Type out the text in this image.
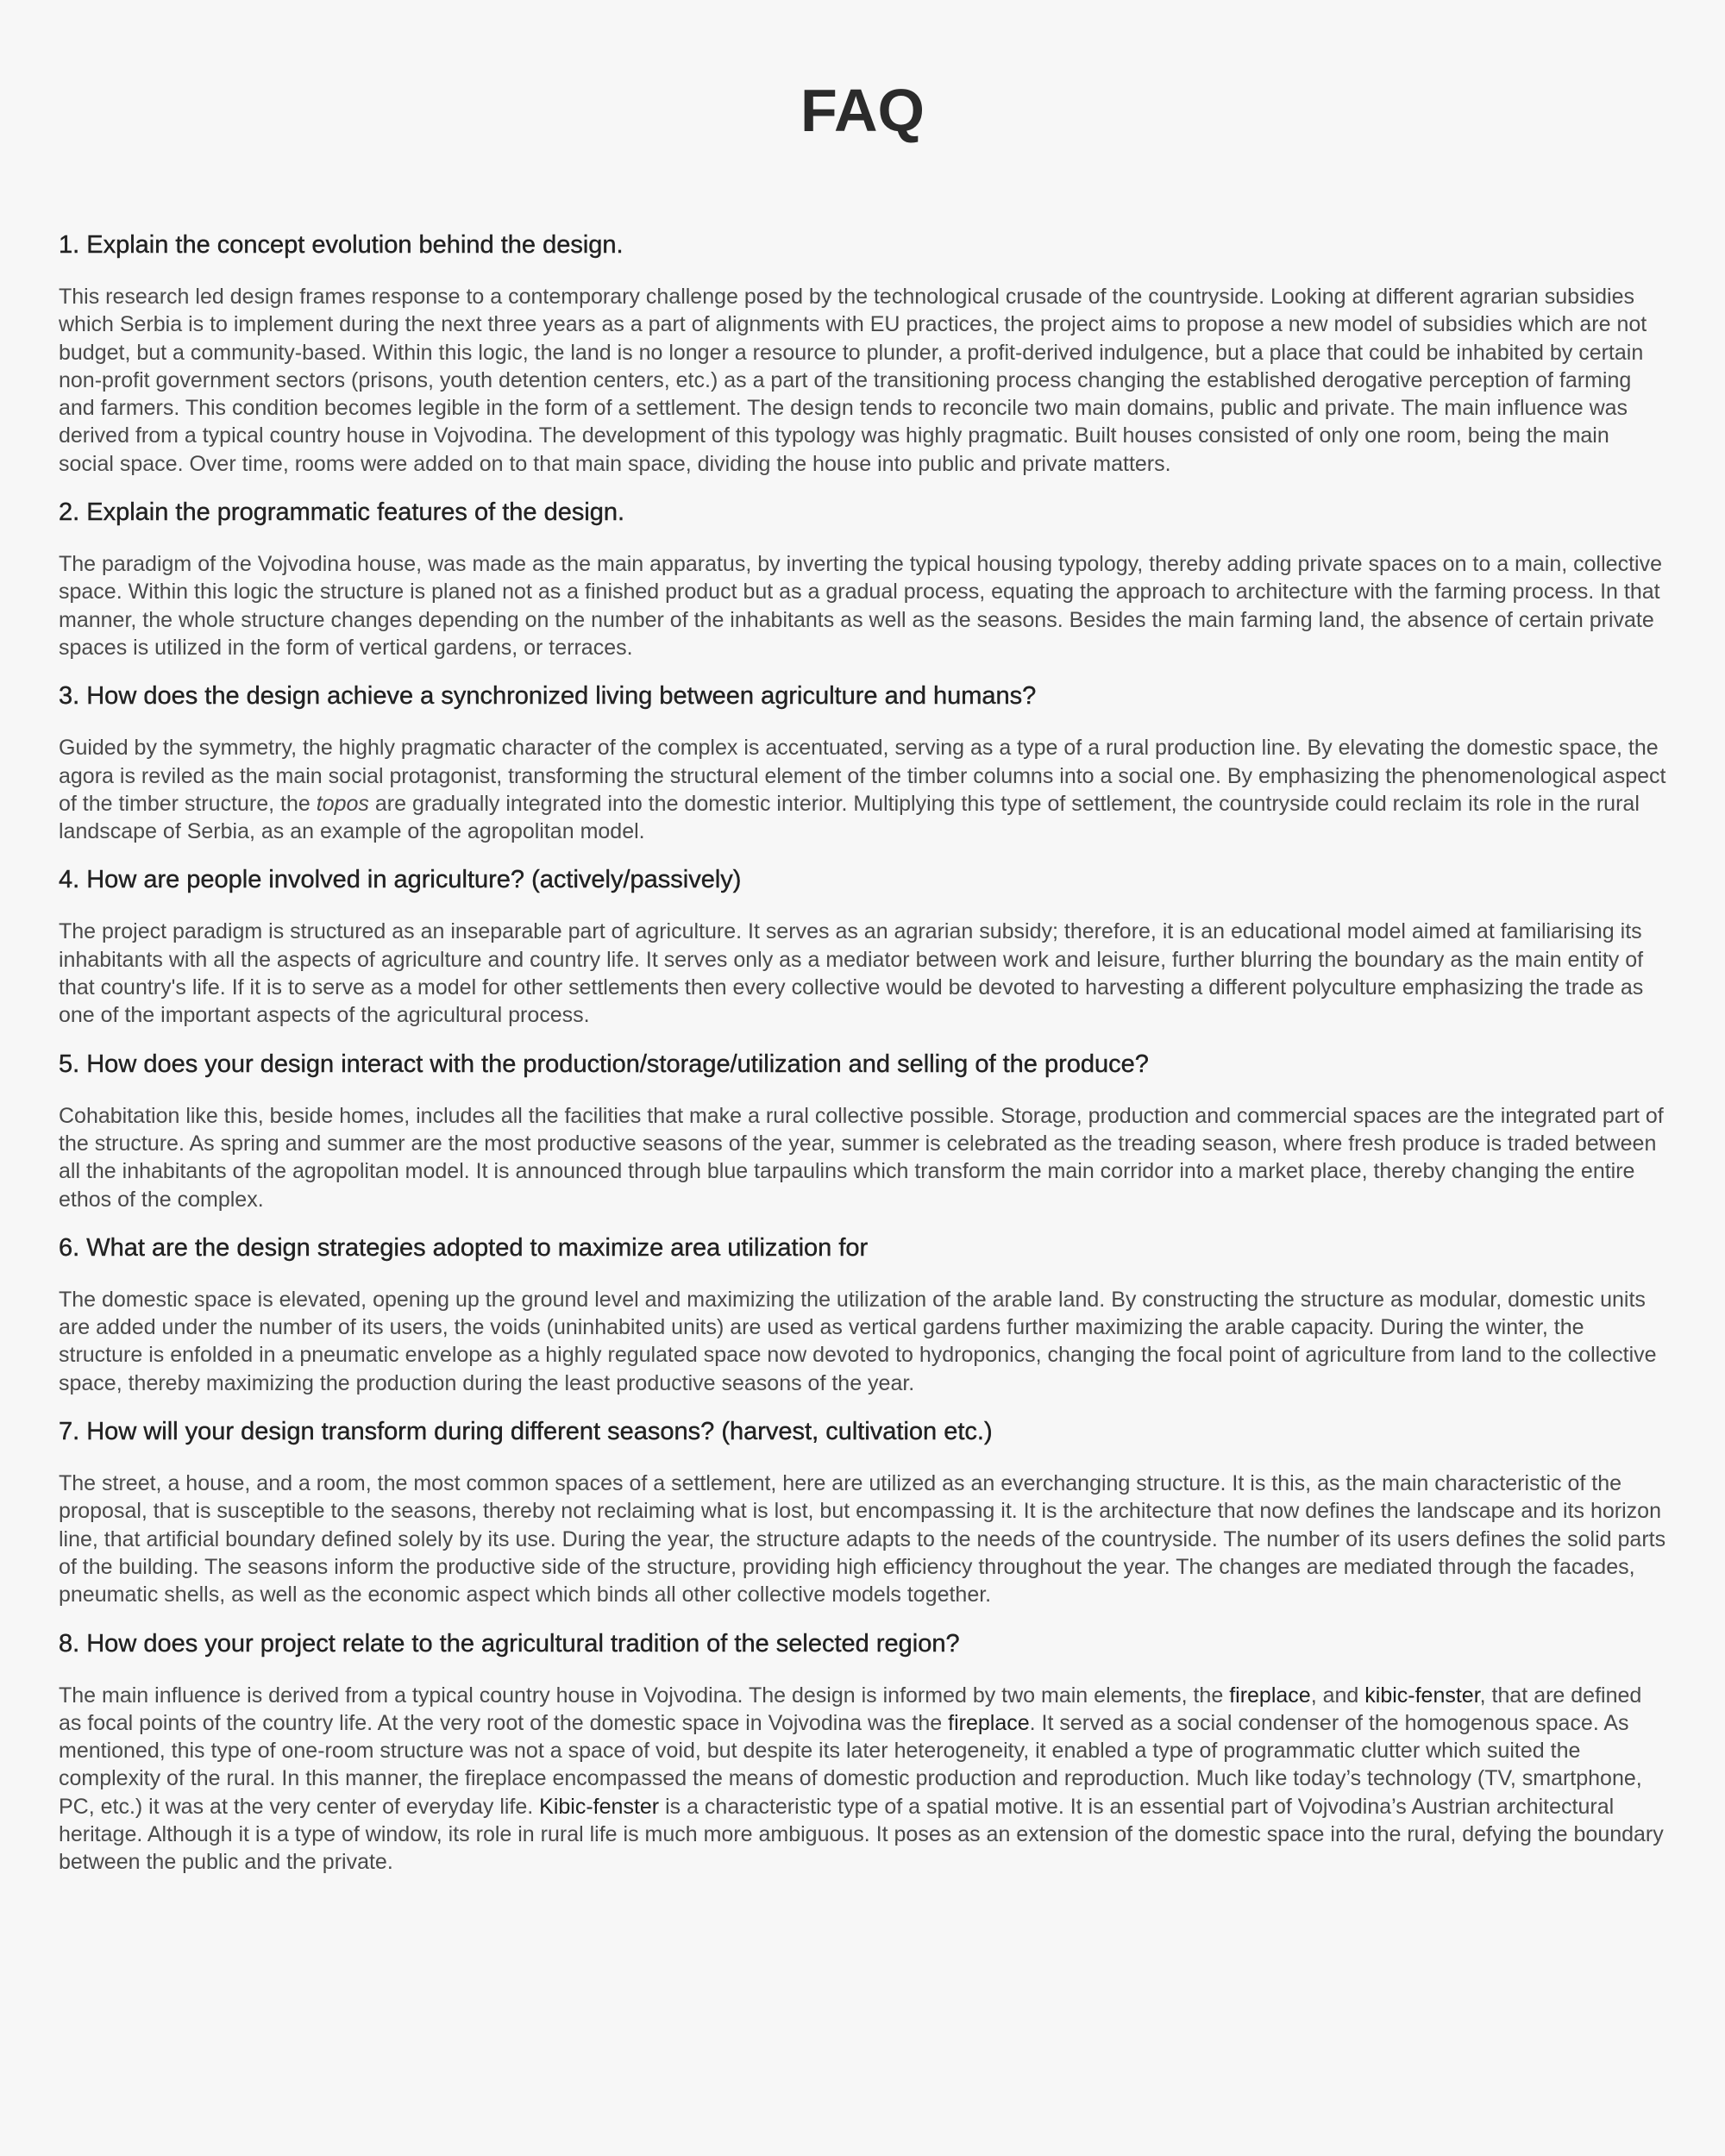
FAQ
1. Explain the concept evolution behind the design.

This research led design frames response to a contemporary challenge posed by the technological crusade of the countryside. Looking at different agrarian subsidies which Serbia is to implement during the next three years as a part of alignments with EU practices, the project aims to propose a new model of subsidies which are not budget, but a community-based. Within this logic, the land is no longer a resource to plunder, a profit-derived indulgence, but a place that could be inhabited by certain non-profit government sectors (prisons, youth detention centers, etc.) as a part of the transitioning process changing the established derogative perception of farming and farmers. This condition becomes legible in the form of a settlement. The design tends to reconcile two main domains, public and private. The main influence was derived from a typical country house in Vojvodina. The development of this typology was highly pragmatic. Built houses consisted of only one room, being the main social space. Over time, rooms were added on to that main space, dividing the house into public and private matters.

2. Explain the programmatic features of the design.

The paradigm of the Vojvodina house, was made as the main apparatus, by inverting the typical housing typology, thereby adding private spaces on to a main, collective space. Within this logic the structure is planed not as a finished product but as a gradual process, equating the approach to architecture with the farming process. In that manner, the whole structure changes depending on the number of the inhabitants as well as the seasons. Besides the main farming land, the absence of certain private spaces is utilized in the form of vertical gardens, or terraces.

3. How does the design achieve a synchronized living between agriculture and humans?

Guided by the symmetry, the highly pragmatic character of the complex is accentuated, serving as a type of a rural production line. By elevating the domestic space, the agora is reviled as the main social protagonist, transforming the structural element of the timber columns into a social one. By emphasizing the phenomenological aspect of the timber structure, the topos are gradually integrated into the domestic interior. Multiplying this type of settlement, the countryside could reclaim its role in the rural landscape of Serbia, as an example of the agropolitan model.

4. How are people involved in agriculture? (actively/passively)

The project paradigm is structured as an inseparable part of agriculture. It serves as an agrarian subsidy; therefore, it is an educational model aimed at familiarising its inhabitants with all the aspects of agriculture and country life. It serves only as a mediator between work and leisure, further blurring the boundary as the main entity of that country's life. If it is to serve as a model for other settlements then every collective would be devoted to harvesting a different polyculture emphasizing the trade as one of the important aspects of the agricultural process.

5. How does your design interact with the production/storage/utilization and selling of the produce?

Cohabitation like this, beside homes, includes all the facilities that make a rural collective possible. Storage, production and commercial spaces are the integrated part of the structure. As spring and summer are the most productive seasons of the year, summer is celebrated as the treading season, where fresh produce is traded between all the inhabitants of the agropolitan model. It is announced through blue tarpaulins which transform the main corridor into a market place, thereby changing the entire ethos of the complex.

6. What are the design strategies adopted to maximize area utilization for

The domestic space is elevated, opening up the ground level and maximizing the utilization of the arable land. By constructing the structure as modular, domestic units are added under the number of its users, the voids (uninhabited units) are used as vertical gardens further maximizing the arable capacity. During the winter, the structure is enfolded in a pneumatic envelope as a highly regulated space now devoted to hydroponics, changing the focal point of agriculture from land to the collective space, thereby maximizing the production during the least productive seasons of the year.

7. How will your design transform during different seasons? (harvest, cultivation etc.)

The street, a house, and a room, the most common spaces of a settlement, here are utilized as an everchanging structure. It is this, as the main characteristic of the proposal, that is susceptible to the seasons, thereby not reclaiming what is lost, but encompassing it. It is the architecture that now defines the landscape and its horizon line, that artificial boundary defined solely by its use. During the year, the structure adapts to the needs of the countryside. The number of its users defines the solid parts of the building. The seasons inform the productive side of the structure, providing high efficiency throughout the year. The changes are mediated through the facades, pneumatic shells, as well as the economic aspect which binds all other collective models together.

8. How does your project relate to the agricultural tradition of the selected region?

The main influence is derived from a typical country house in Vojvodina. The design is informed by two main elements, the fireplace, and kibic-fenster, that are defined as focal points of the country life. At the very root of the domestic space in Vojvodina was the fireplace. It served as a social condenser of the homogenous space. As mentioned, this type of one-room structure was not a space of void, but despite its later heterogeneity, it enabled a type of programmatic clutter which suited the complexity of the rural. In this manner, the fireplace encompassed the means of domestic production and reproduction. Much like today’s technology (TV, smartphone, PC, etc.) it was at the very center of everyday life. Kibic-fenster is a characteristic type of a spatial motive. It is an essential part of Vojvodina’s Austrian architectural heritage. Although it is a type of window, its role in rural life is much more ambiguous. It poses as an extension of the domestic space into the rural, defying the boundary between the public and the private.
